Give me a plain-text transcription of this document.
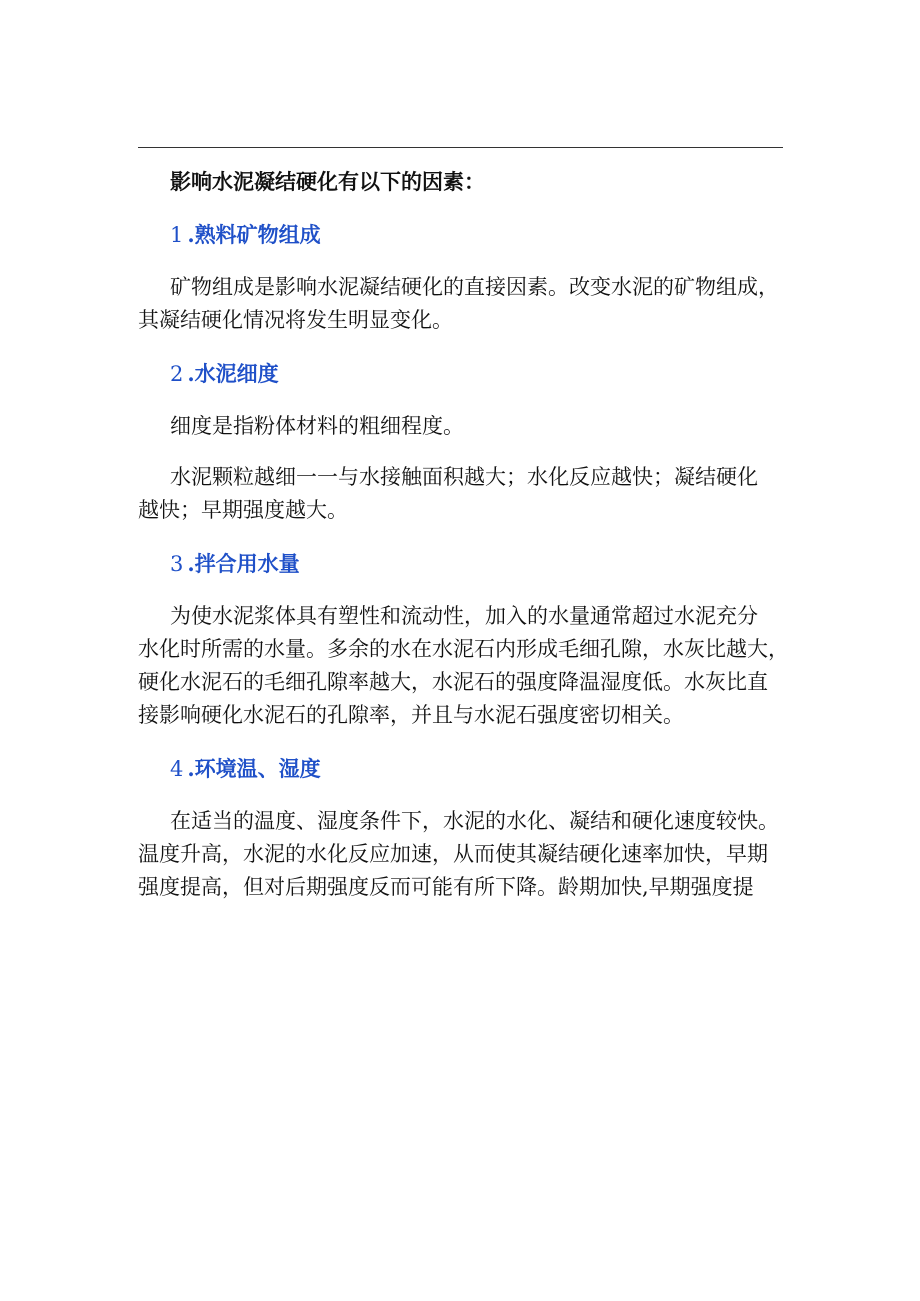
影响水泥凝结硬化有以下的因素：
1 .熟料矿物组成
矿物组成是影响水泥凝结硬化的直接因素。改变水泥的矿物组成，
其凝结硬化情况将发生明显变化。
2 .水泥细度
细度是指粉体材料的粗细程度。
水泥颗粒越细一一与水接触面积越大；水化反应越快；凝结硬化
越快；早期强度越大。
3 .拌合用水量
为使水泥浆体具有塑性和流动性，加入的水量通常超过水泥充分
水化时所需的水量。多余的水在水泥石内形成毛细孔隙，水灰比越大，
硬化水泥石的毛细孔隙率越大，水泥石的强度降温湿度低。水灰比直
接影响硬化水泥石的孔隙率，并且与水泥石强度密切相关。
4 .环境温、湿度
在适当的温度、湿度条件下，水泥的水化、凝结和硬化速度较快。
温度升高，水泥的水化反应加速，从而使其凝结硬化速率加快，早期
强度提高，但对后期强度反而可能有所下降。龄期加快,早期强度提
